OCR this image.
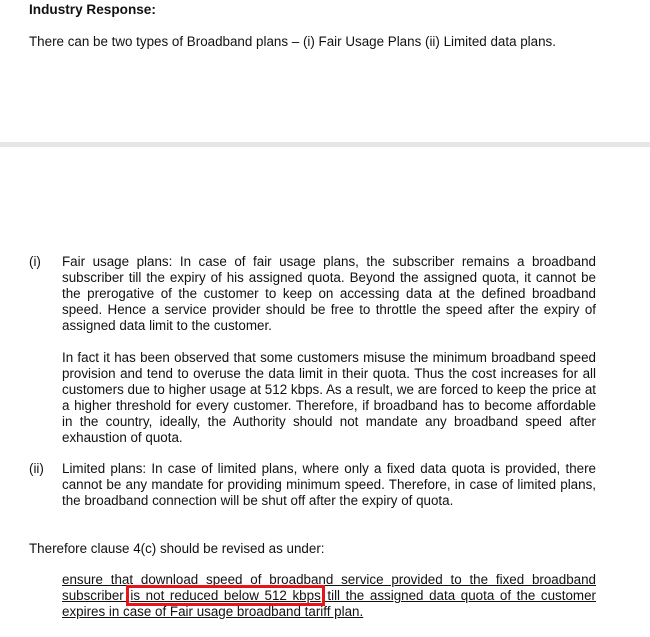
Industry Response:
There can be two types of Broadband plans – (i) Fair Usage Plans (ii) Limited data plans.
(i)	Fair usage plans: In case of fair usage plans, the subscriber remains a broadband subscriber till the expiry of his assigned quota. Beyond the assigned quota, it cannot be the prerogative of the customer to keep on accessing data at the defined broadband speed. Hence a service provider should be free to throttle the speed after the expiry of assigned data limit to the customer.

In fact it has been observed that some customers misuse the minimum broadband speed provision and tend to overuse the data limit in their quota. Thus the cost increases for all customers due to higher usage at 512 kbps. As a result, we are forced to keep the price at a higher threshold for every customer. Therefore, if broadband has to become affordable in the country, ideally, the Authority should not mandate any broadband speed after exhaustion of quota.

(ii)	Limited plans: In case of limited plans, where only a fixed data quota is provided, there cannot be any mandate for providing minimum speed. Therefore, in case of limited plans, the broadband connection will be shut off after the expiry of quota.

Therefore clause 4(c) should be revised as under:
ensure that download speed of broadband service provided to the fixed broadband subscriber is not reduced below 512 kbps till the assigned data quota of the customer expires in case of Fair usage broadband tariff plan.
